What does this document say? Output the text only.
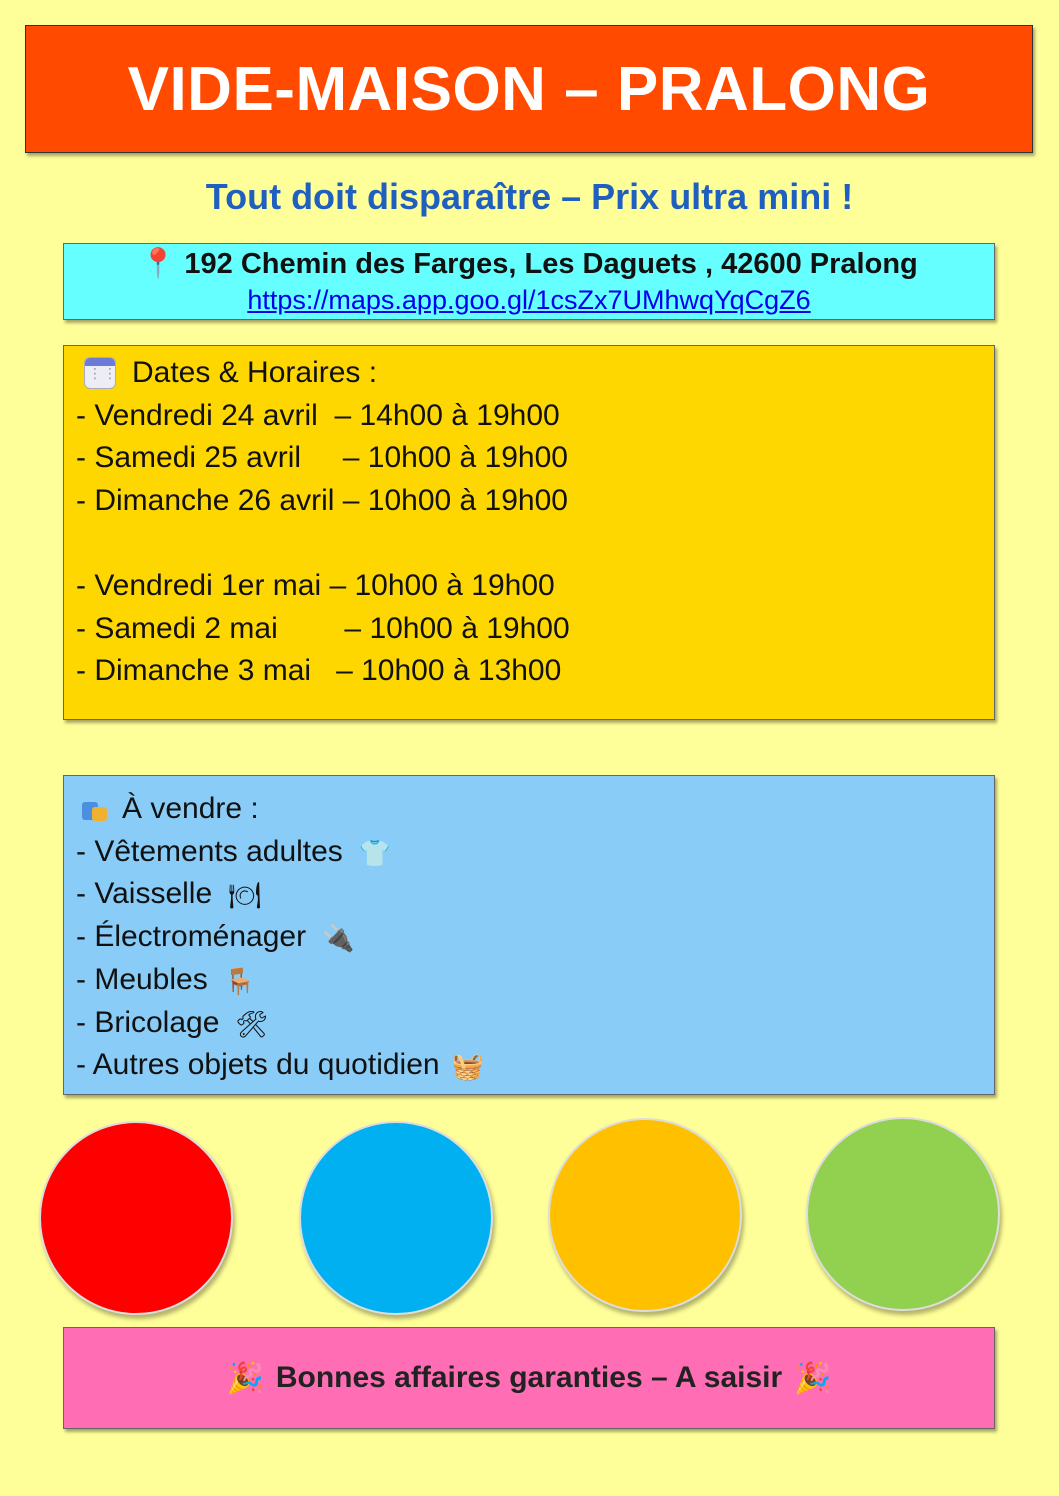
VIDE-MAISON – PRALONG
Tout doit disparaître – Prix ultra mini !
📍 192 Chemin des Farges, Les Daguets , 42600 Pralong
https://maps.app.goo.gl/1csZx7UMhwqYqCgZ6
⋮⋮⋮
Dates & Horaires :
- Vendredi 24 avril  – 14h00 à 19h00
- Samedi 25 avril     – 10h00 à 19h00
- Dimanche 26 avril – 10h00 à 19h00
- Vendredi 1er mai – 10h00 à 19h00
- Samedi 2 mai        – 10h00 à 19h00
- Dimanche 3 mai   – 10h00 à 13h00

À vendre :
- Vêtements adultes 👕
- Vaisselle 🍽
- Électroménager 🔌
- Meubles 🪑
- Bricolage 🛠
- Autres objets du quotidien 🧺
🎉 Bonnes affaires garanties – A saisir 🎉
